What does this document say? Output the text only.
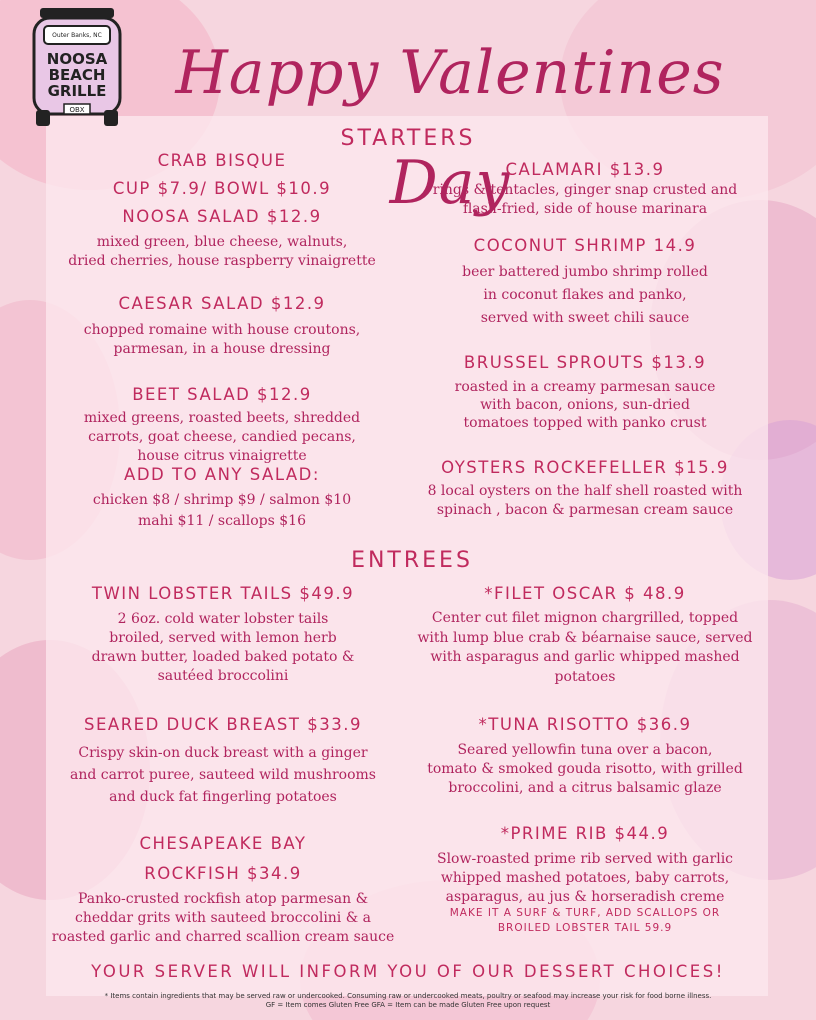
Outer Banks, NC
NOOSA
BEACH
GRILLE
OBX
Happy Valentines Day
STARTERS
CRAB BISQUE
CUP $7.9/ BOWL $10.9
NOOSA SALAD $12.9
mixed green, blue cheese, walnuts,
dried cherries, house raspberry vinaigrette
CAESAR SALAD $12.9
chopped romaine with house croutons,
parmesan, in a house dressing
BEET SALAD $12.9
mixed greens, roasted beets, shredded
carrots, goat cheese, candied pecans,
house citrus vinaigrette
ADD TO ANY SALAD:
chicken $8 / shrimp $9 / salmon $10
mahi $11 / scallops $16
CALAMARI $13.9
rings & tentacles, ginger snap crusted and
flash-fried, side of house marinara
COCONUT SHRIMP 14.9
beer battered jumbo shrimp rolled
in coconut flakes and panko,
served with sweet chili sauce
BRUSSEL SPROUTS $13.9
roasted in a creamy parmesan sauce
with bacon, onions, sun-dried
tomatoes topped with panko crust
OYSTERS ROCKEFELLER $15.9
8 local oysters on the half shell roasted with
spinach , bacon & parmesan cream sauce
ENTREES
TWIN LOBSTER TAILS $49.9
2 6oz. cold water lobster tails
broiled, served with lemon herb
drawn butter, loaded baked potato &
sautéed broccolini
SEARED DUCK BREAST $33.9
Crispy skin-on duck breast with a ginger
and carrot puree, sauteed wild mushrooms
and duck fat fingerling potatoes
CHESAPEAKE BAY
ROCKFISH $34.9
Panko-crusted rockfish atop parmesan &
cheddar grits with sauteed broccolini & a
roasted garlic and charred scallion cream sauce
*FILET OSCAR $ 48.9
Center cut filet mignon chargrilled, topped
with lump blue crab & béarnaise sauce, served
with asparagus and garlic whipped mashed
potatoes
*TUNA RISOTTO $36.9
Seared yellowfin tuna over a bacon,
tomato & smoked gouda risotto, with grilled
broccolini, and a citrus balsamic glaze
*PRIME RIB $44.9
Slow-roasted prime rib served with garlic
whipped mashed potatoes, baby carrots,
asparagus, au jus & horseradish creme
MAKE IT A SURF & TURF, ADD SCALLOPS OR
BROILED LOBSTER TAIL 59.9
YOUR SERVER WILL INFORM YOU OF OUR DESSERT CHOICES!
* Items contain ingredients that may be served raw or undercooked. Consuming raw or undercooked meats, poultry or seafood may increase your risk for food borne illness.
GF = Item comes Gluten Free GFA = Item can be made Gluten Free upon request
